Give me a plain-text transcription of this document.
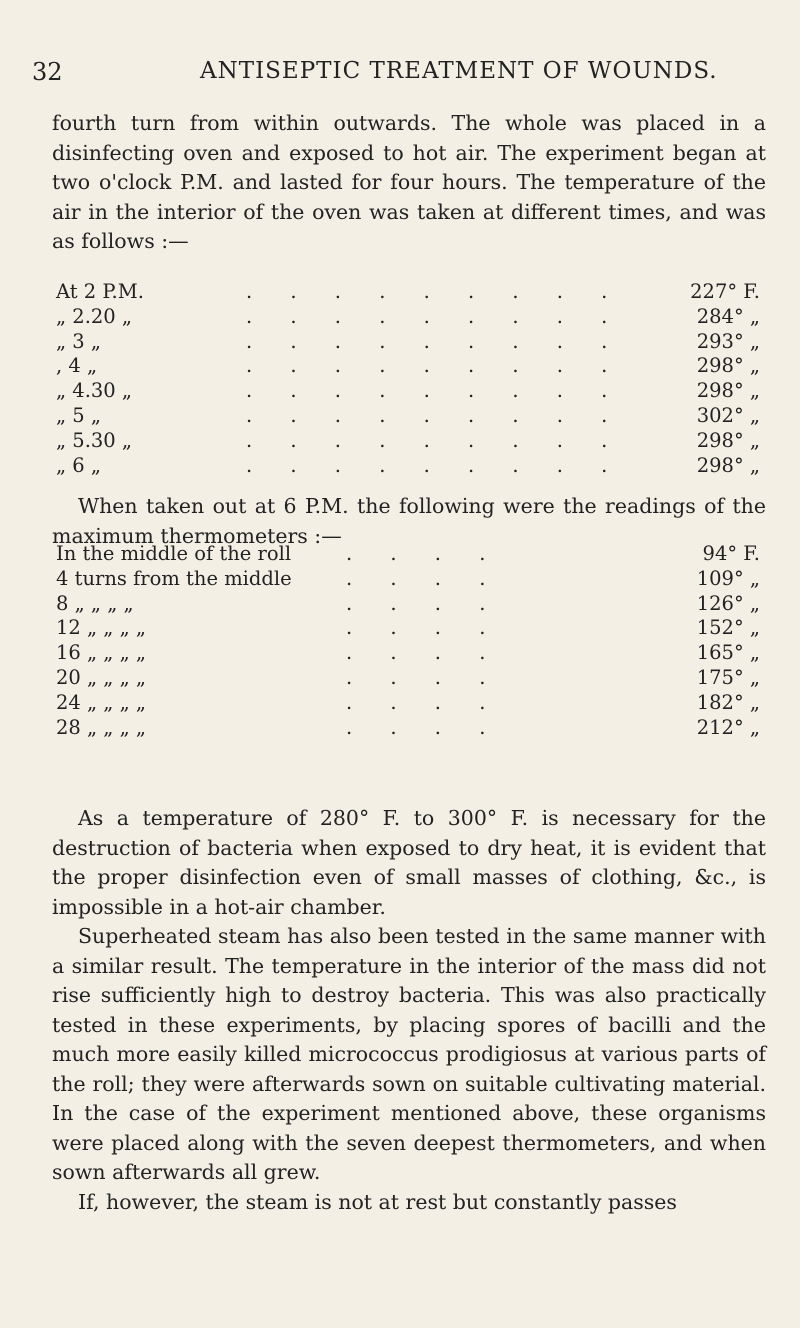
32	ANTISEPTIC TREATMENT OF WOUNDS.

fourth turn from within outwards. The whole was placed in a disinfecting oven and exposed to hot air. The experiment began at two o'clock P.M. and lasted for four hours. The temperature of the air in the interior of the oven was taken at different times, and was as follows :—

At 2 P.M.	. . . . . . . . .	227° F.
„ 2.20 „	. . . . . . . . .	284° „
„ 3 „	. . . . . . . . .	293° „
, 4 „	. . . . . . . . .	298° „
„ 4.30 „	. . . . . . . . .	298° „
„ 5 „	. . . . . . . . .	302° „
„ 5.30 „	. . . . . . . . .	298° „
„ 6 „	. . . . . . . . .	298° „

When taken out at 6 P.M. the following were the readings of the maximum thermometers :—

In the middle of the roll	. . . .	94° F.
4 turns from the middle	. . . .	109° „
8 „ „ „ „	. . . .	126° „
12 „ „ „ „	. . . .	152° „
16 „ „ „ „	. . . .	165° „
20 „ „ „ „	. . . .	175° „
24 „ „ „ „	. . . .	182° „
28 „ „ „ „	. . . .	212° „

As a temperature of 280° F. to 300° F. is necessary for the destruction of bacteria when exposed to dry heat, it is evident that the proper disinfection even of small masses of clothing, &c., is impossible in a hot-air chamber.

Superheated steam has also been tested in the same manner with a similar result. The temperature in the interior of the mass did not rise sufficiently high to destroy bacteria. This was also practically tested in these experiments, by placing spores of bacilli and the much more easily killed micrococcus prodigiosus at various parts of the roll; they were afterwards sown on suitable cultivating material. In the case of the experiment mentioned above, these organisms were placed along with the seven deepest thermometers, and when sown afterwards all grew.

If, however, the steam is not at rest but constantly passes
